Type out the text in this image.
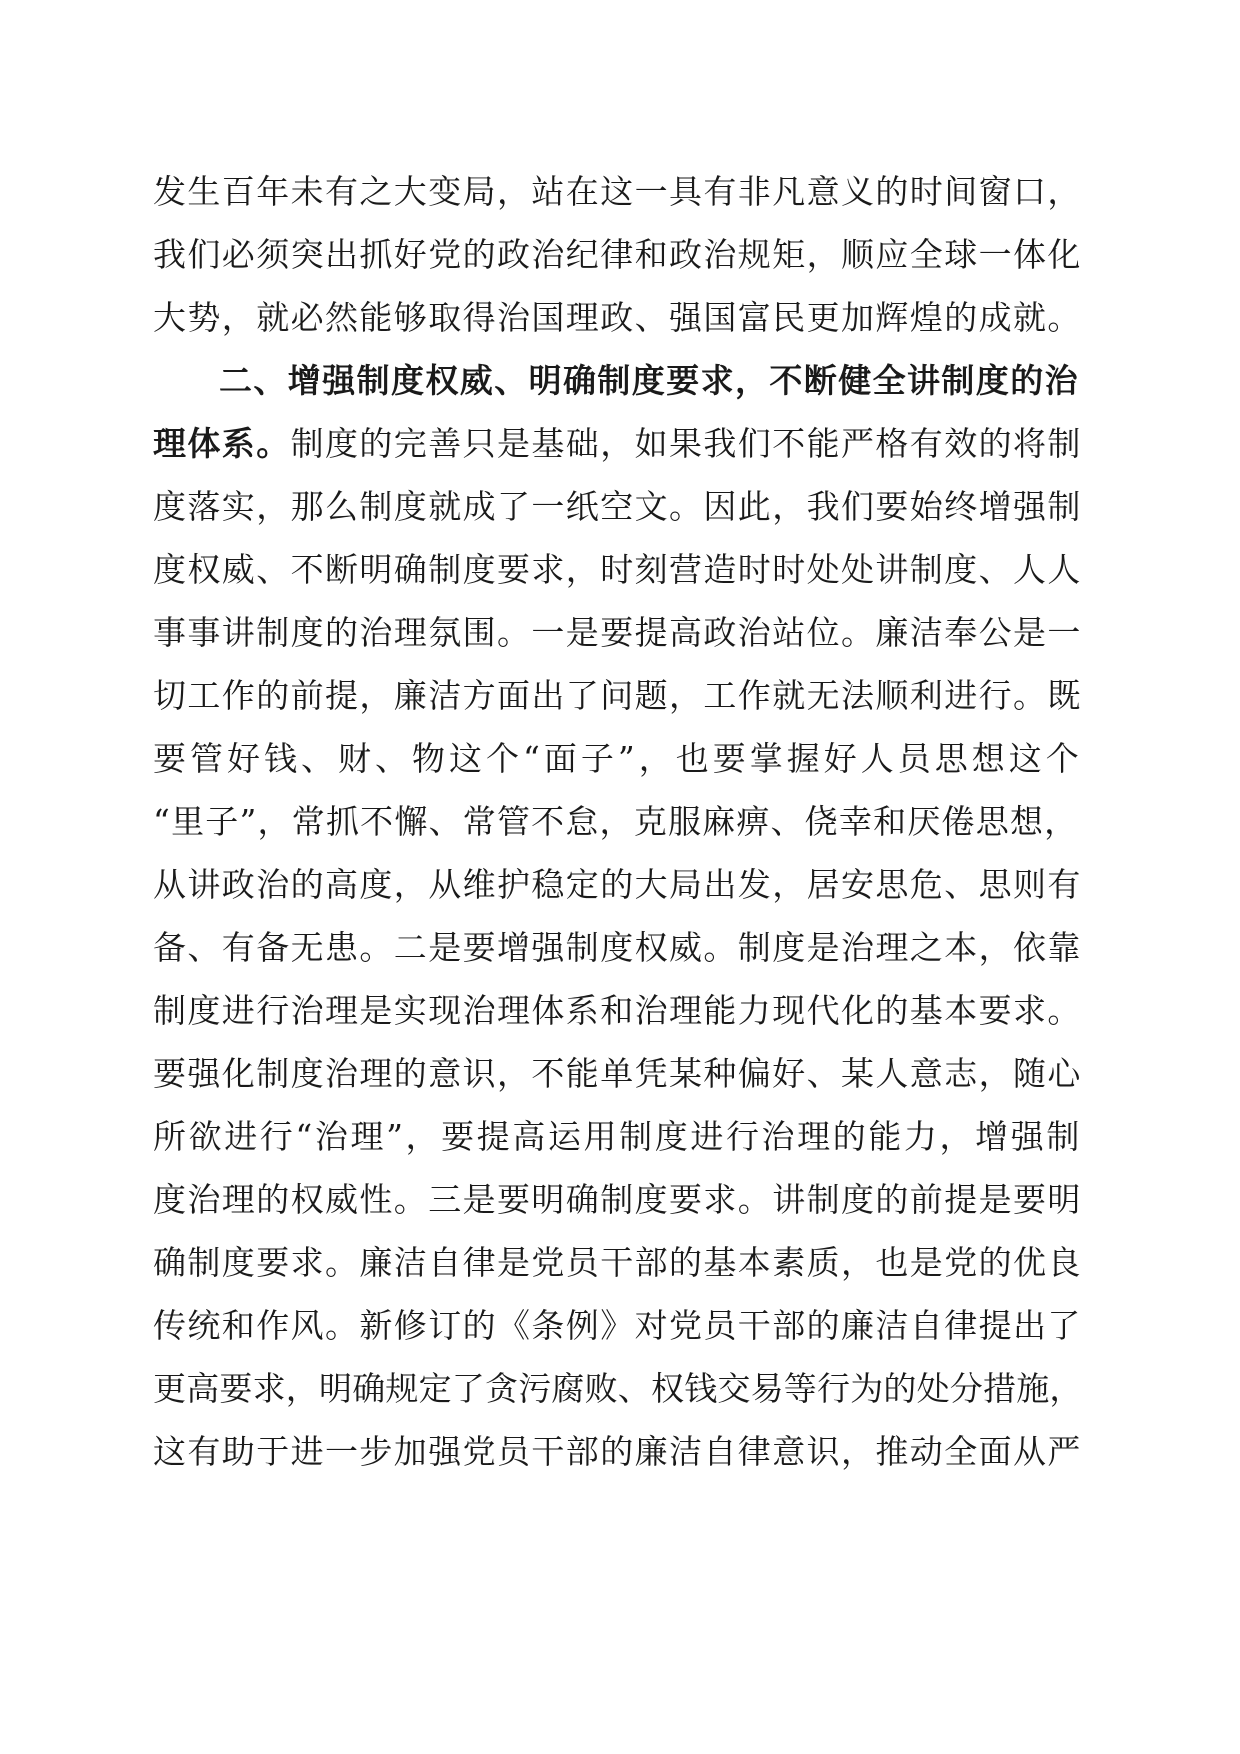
发生百年未有之大变局，站在这一具有非凡意义的时间窗口，
我们必须突出抓好党的政治纪律和政治规矩，顺应全球一体化
大势，就必然能够取得治国理政、强国富民更加辉煌的成就。
二、增强制度权威、明确制度要求，不断健全讲制度的治
理体系。制度的完善只是基础，如果我们不能严格有效的将制
度落实，那么制度就成了一纸空文。因此，我们要始终增强制
度权威、不断明确制度要求，时刻营造时时处处讲制度、人人
事事讲制度的治理氛围。一是要提高政治站位。廉洁奉公是一
切工作的前提，廉洁方面出了问题，工作就无法顺利进行。既
要管好钱、财、物这个“面子”，也要掌握好人员思想这个
“里子”，常抓不懈、常管不怠，克服麻痹、侥幸和厌倦思想，
从讲政治的高度，从维护稳定的大局出发，居安思危、思则有
备、有备无患。二是要增强制度权威。制度是治理之本，依靠
制度进行治理是实现治理体系和治理能力现代化的基本要求。
要强化制度治理的意识，不能单凭某种偏好、某人意志，随心
所欲进行“治理”，要提高运用制度进行治理的能力，增强制
度治理的权威性。三是要明确制度要求。讲制度的前提是要明
确制度要求。廉洁自律是党员干部的基本素质，也是党的优良
传统和作风。新修订的《条例》对党员干部的廉洁自律提出了
更高要求，明确规定了贪污腐败、权钱交易等行为的处分措施，
这有助于进一步加强党员干部的廉洁自律意识，推动全面从严
